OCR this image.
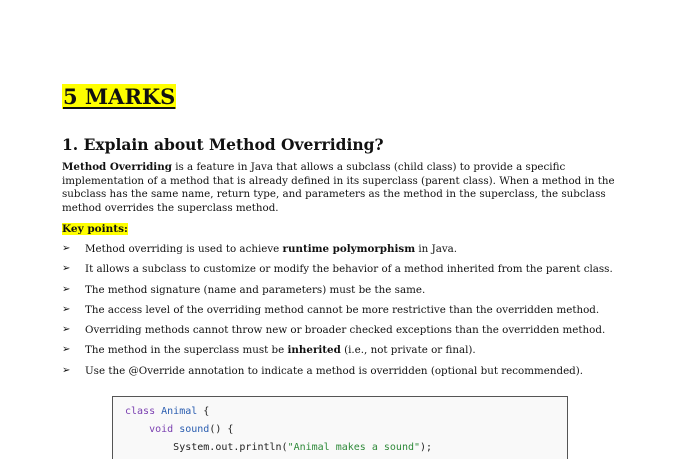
5 MARKS
1. Explain about Method Overriding?

Method Overriding is a feature in Java that allows a subclass (child class) to provide a specific implementation of a method that is already defined in its superclass (parent class). When a method in the subclass has the same name, return type, and parameters as the method in the superclass, the subclass method overrides the superclass method.

Key points:

➢ Method overriding is used to achieve runtime polymorphism in Java.
➢ It allows a subclass to customize or modify the behavior of a method inherited from the parent class.
➢ The method signature (name and parameters) must be the same.
➢ The access level of the overriding method cannot be more restrictive than the overridden method.
➢ Overriding methods cannot throw new or broader checked exceptions than the overridden method.
➢ The method in the superclass must be inherited (i.e., not private or final).
➢ Use the @Override annotation to indicate a method is overridden (optional but recommended).
class Animal {
void sound() {
System.out.println("Animal makes a sound");
